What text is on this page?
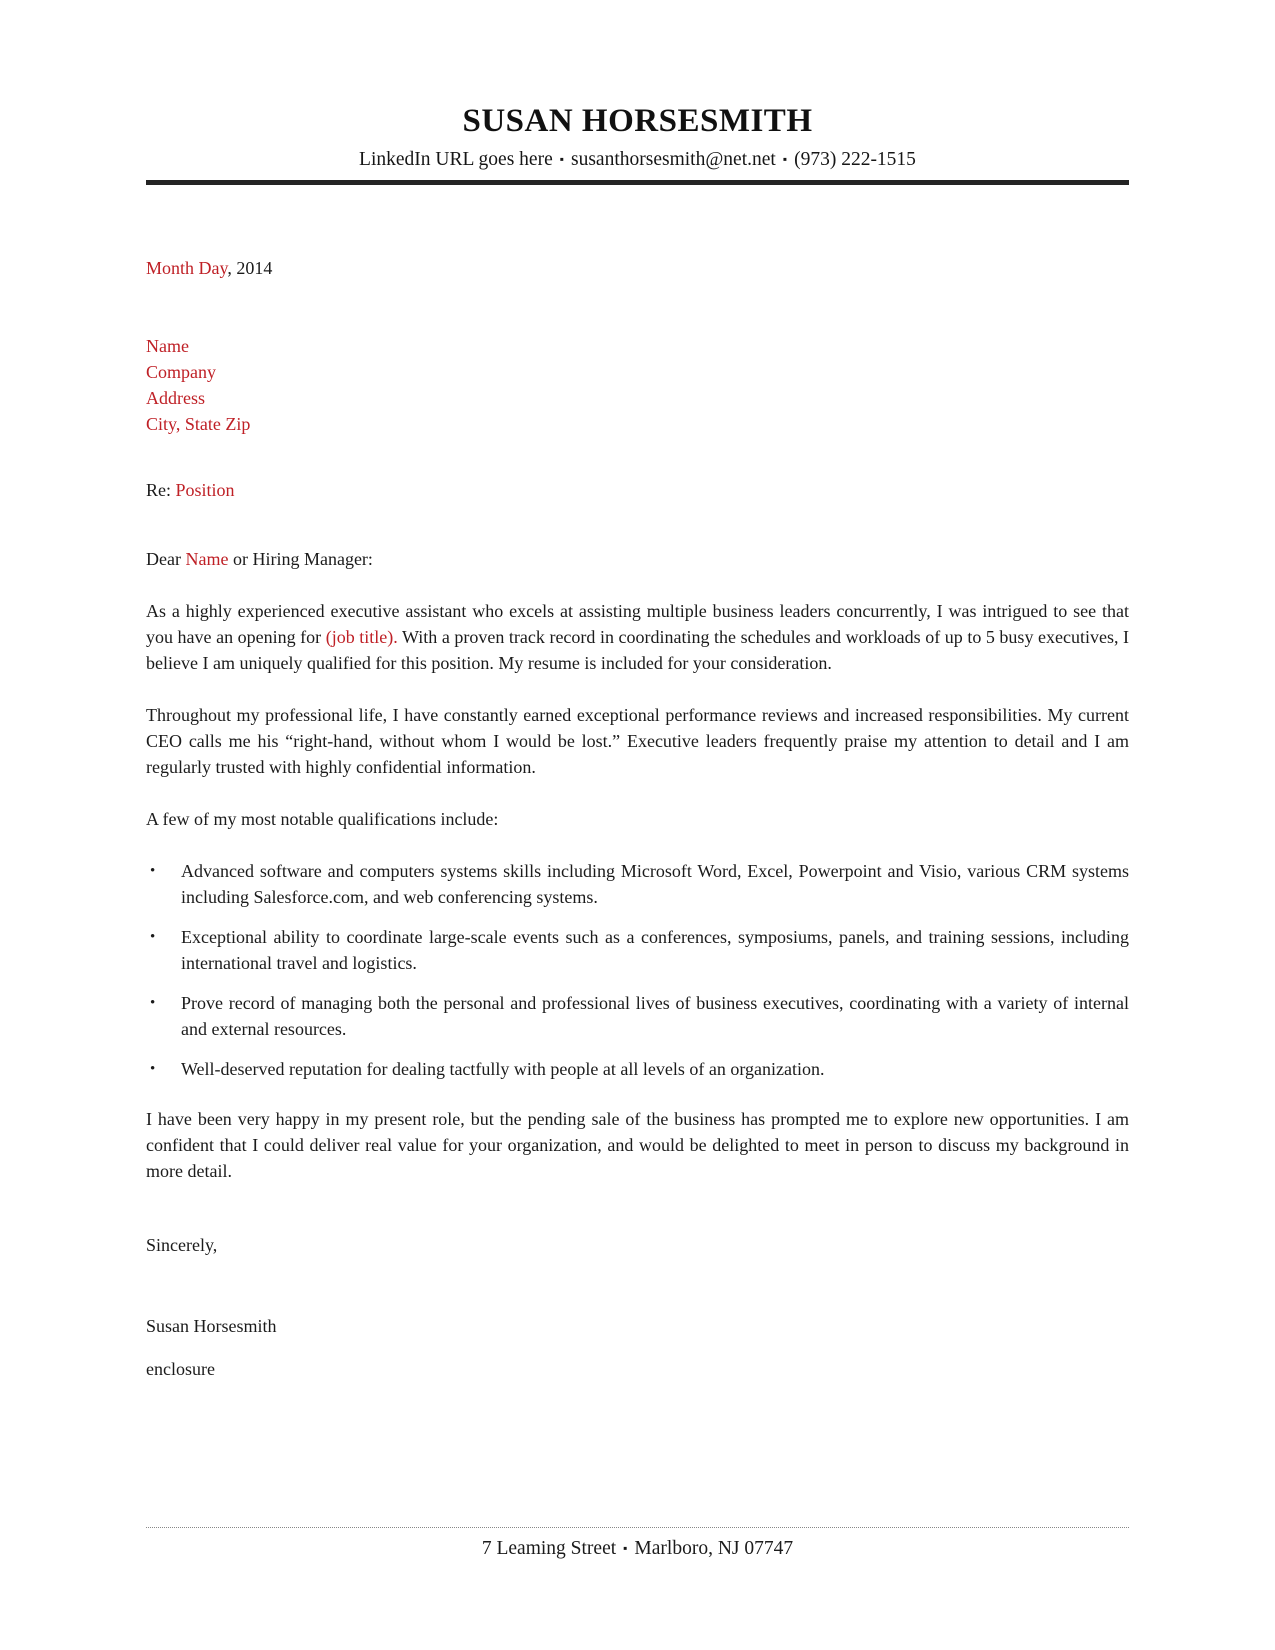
SUSAN HORSESMITH
LinkedIn URL goes here ▪ susanthorsesmith@net.net ▪ (973) 222-1515
Month Day, 2014
Name
Company
Address
City, State Zip
Re: Position
Dear Name or Hiring Manager:

As a highly experienced executive assistant who excels at assisting multiple business leaders concurrently, I was intrigued to see that you have an opening for (job title). With a proven track record in coordinating the schedules and workloads of up to 5 busy executives, I believe I am uniquely qualified for this position. My resume is included for your consideration.

Throughout my professional life, I have constantly earned exceptional performance reviews and increased responsibilities. My current CEO calls me his “right-hand, without whom I would be lost.” Executive leaders frequently praise my attention to detail and I am regularly trusted with highly confidential information.

A few of my most notable qualifications include:

•	Advanced software and computers systems skills including Microsoft Word, Excel, Powerpoint and Visio, various CRM systems including Salesforce.com, and web conferencing systems.
•	Exceptional ability to coordinate large-scale events such as a conferences, symposiums, panels, and training sessions, including international travel and logistics.
•	Prove record of managing both the personal and professional lives of business executives, coordinating with a variety of internal and external resources.
•	Well-deserved reputation for dealing tactfully with people at all levels of an organization.

I have been very happy in my present role, but the pending sale of the business has prompted me to explore new opportunities. I am confident that I could deliver real value for your organization, and would be delighted to meet in person to discuss my background in more detail.

Sincerely,
Susan Horsesmith
enclosure
7 Leaming Street ▪ Marlboro, NJ 07747
